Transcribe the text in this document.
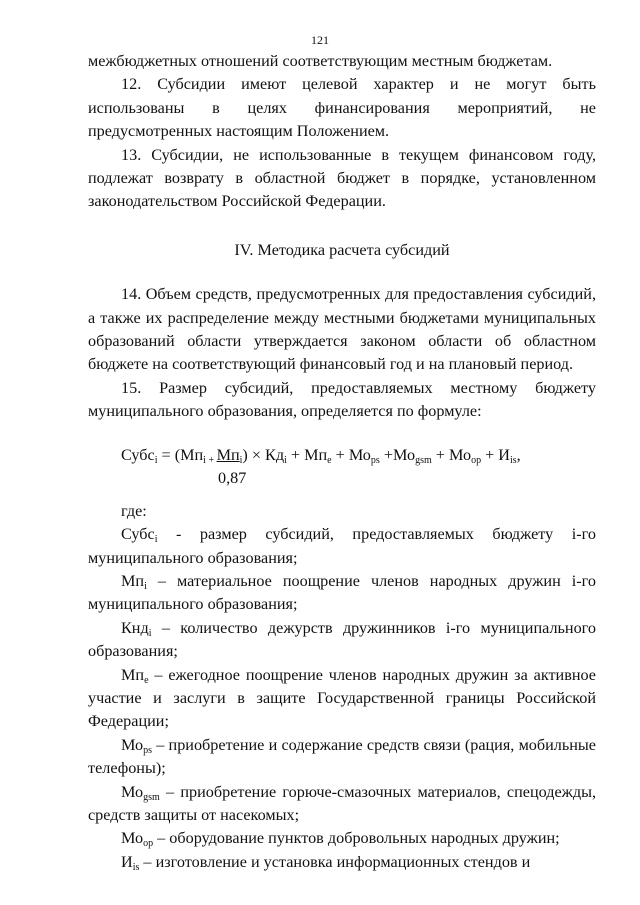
121

межбюджетных отношений соответствующим местным бюджетам.

12. Субсидии имеют целевой характер и не могут быть использованы в целях финансирования мероприятий, не

предусмотренных настоящим Положением.

13. Субсидии, не использованные в текущем финансовом году, подлежат возврату в областной бюджет в порядке, установленном законодательством Российской Федерации.

IV. Методика расчета субсидий

14. Объем средств, предусмотренных для предоставления субсидий, а также их распределение между местными бюджетами муниципальных образований области утверждается законом области об областном бюджете на соответствующий финансовый год и на плановый период.

15. Размер субсидий, предоставляемых местному бюджету муниципального образования, определяется по формуле:

Субс$_i$ = ($Мп_i$ $_+$ $Мп_i) \times Кд_i + Мп_e + Мо_{ps} +Мо_{gsm} + Мо_{op} + И_{is}$,
0,87

где:

Субс$_i$ - размер субсидий, предоставляемых бюджету i-го муниципального образования;

$Мп_i$ – материальное поощрение членов народных дружин i-го муниципального образования;

Кнд$_i$ – количество дежурств дружинников i-го муниципального образования;

$Мп_e$ – ежегодное поощрение членов народных дружин за активное участие и заслуги в защите Государственной границы Российской Федерации;

$Мо_{ps}$ – приобретение и содержание средств связи (рация, мобильные телефоны);

$Мо_{gsm}$ – приобретение горюче-смазочных материалов, спецодежды, средств защиты от насекомых;

$Мо_{op}$ – оборудование пунктов добровольных народных дружин;

$И_{is}$ – изготовление и установка информационных стендов и
